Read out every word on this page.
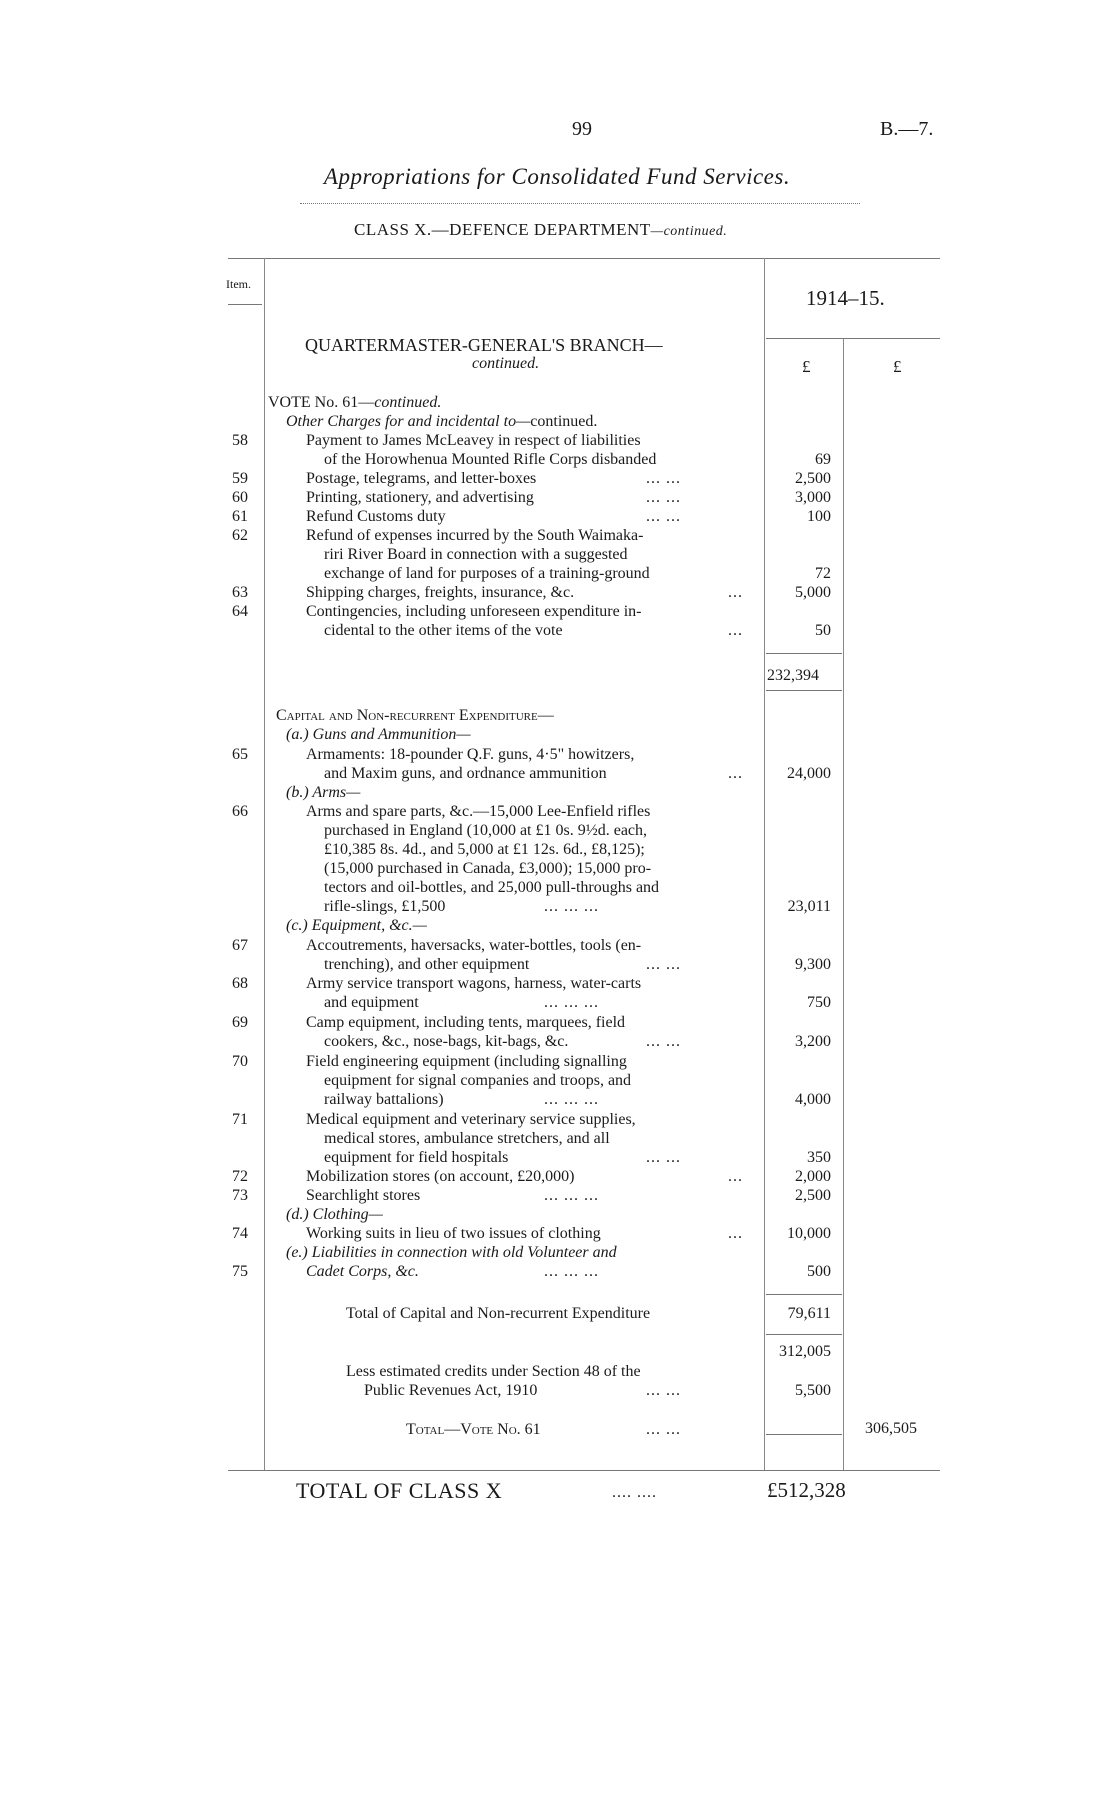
99	B.—7.
Appropriations for Consolidated Fund Services.
CLASS X.—DEFENCE DEPARTMENT—continued.
Item.
1914–15.
QUARTERMASTER-GENERAL'S BRANCH—
continued.	£	£
VOTE No. 61—continued.
Other Charges for and incidental to—continued.
58	Payment to James McLeavey in respect of liabilities
of the Horowhenua Mounted Rifle Corps disbanded	69
59	Postage, telegrams, and letter-boxes	... ...	2,500
60	Printing, stationery, and advertising	... ...	3,000
61	Refund Customs duty	... ...	100
62	Refund of expenses incurred by the South Waimaka-
riri River Board in connection with a suggested
exchange of land for purposes of a training-ground	72
63	Shipping charges, freights, insurance, &c.	...	5,000
64	Contingencies, including unforeseen expenditure in-
cidental to the other items of the vote	...	50
232,394
Capital and Non-recurrent Expenditure—
(a.) Guns and Ammunition—
65	Armaments: 18-pounder Q.F. guns, 4·5" howitzers,
and Maxim guns, and ordnance ammunition	...	24,000
(b.) Arms—
66	Arms and spare parts, &c.—15,000 Lee-Enfield rifles
purchased in England (10,000 at £1 0s. 9½d. each,
£10,385 8s. 4d., and 5,000 at £1 12s. 6d., £8,125);
(15,000 purchased in Canada, £3,000); 15,000 pro-
tectors and oil-bottles, and 25,000 pull-throughs and
rifle-slings, £1,500	... ... ...	23,011
(c.) Equipment, &c.—
67	Accoutrements, haversacks, water-bottles, tools (en-
trenching), and other equipment	... ...	9,300
68	Army service transport wagons, harness, water-carts
and equipment	... ... ...	750
69	Camp equipment, including tents, marquees, field
cookers, &c., nose-bags, kit-bags, &c.	... ...	3,200
70	Field engineering equipment (including signalling
equipment for signal companies and troops, and
railway battalions)	... ... ...	4,000
71	Medical equipment and veterinary service supplies,
medical stores, ambulance stretchers, and all
equipment for field hospitals	... ...	350
72	Mobilization stores (on account, £20,000)	...	2,000
73	Searchlight stores	... ... ...	2,500
(d.) Clothing—
74	Working suits in lieu of two issues of clothing	...	10,000
(e.) Liabilities in connection with old Volunteer and
75	Cadet Corps, &c.	... ... ...	500
Total of Capital and Non-recurrent Expenditure	79,611
312,005
Less estimated credits under Section 48 of the
Public Revenues Act, 1910	... ...	5,500
Total—Vote No. 61	... ...	306,505
TOTAL OF CLASS X	.... ....	£512,328
